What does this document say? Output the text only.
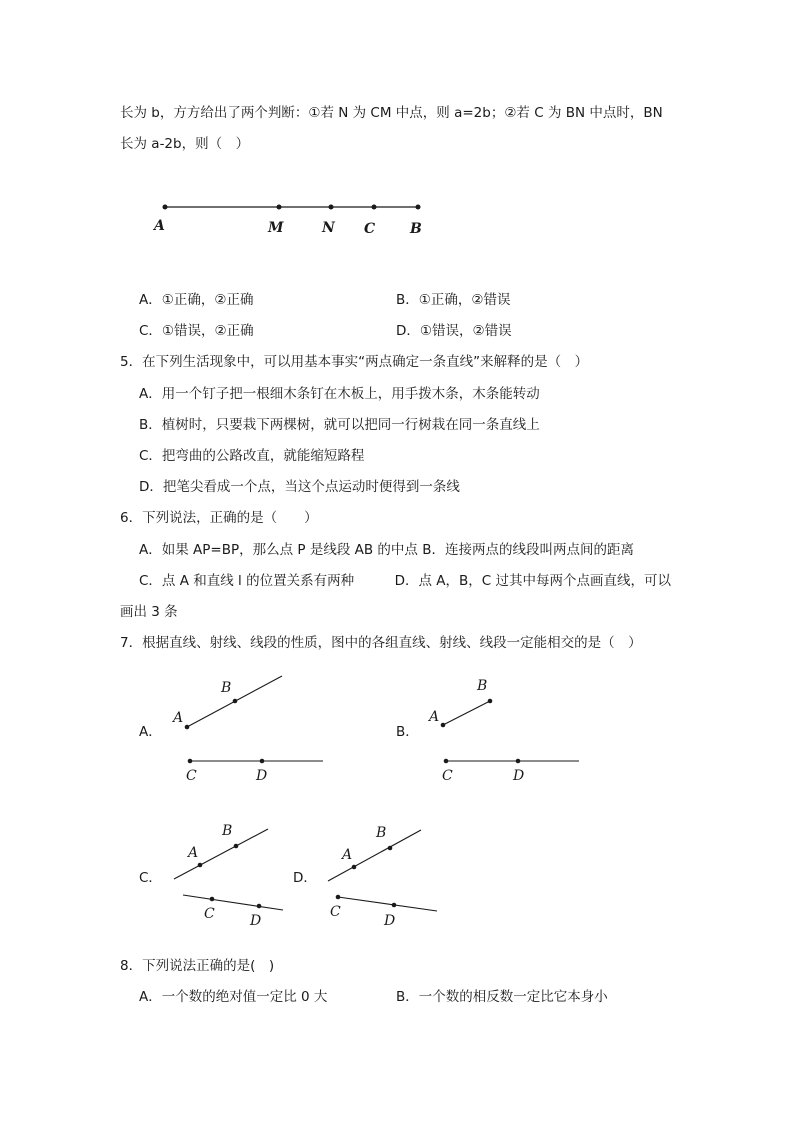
长为 b，方方给出了两个判断：①若 N 为 CM 中点，则 a=2b；②若 C 为 BN 中点时，BN
长为 a-2b，则（　）
A	M	N C B
A
B
C	D
A
B
C	D
A
B
C	D
A
B
C
D
A．①正确，②正确	B．①正确，②错误
C．①错误，②正确	D．①错误，②错误
5．在下列生活现象中，可以用基本事实“两点确定一条直线”来解释的是（　）
A．用一个钉子把一根细木条钉在木板上，用手拨木条，木条能转动
B．植树时，只要栽下两棵树，就可以把同一行树栽在同一条直线上
C．把弯曲的公路改直，就能缩短路程
D．把笔尖看成一个点，当这个点运动时便得到一条线
6．下列说法，正确的是（　　）
A．如果 AP=BP，那么点 P 是线段 AB 的中点 B．连接两点的线段叫两点间的距离
C．点 A 和直线 l 的位置关系有两种　　　D．点 A，B，C 过其中每两个点画直线，可以
画出 3 条
7．根据直线、射线、线段的性质，图中的各组直线、射线、线段一定能相交的是（　）
A．	B．
C．	D．
8．下列说法正确的是(　)
A．一个数的绝对值一定比 0 大	B．一个数的相反数一定比它本身小
